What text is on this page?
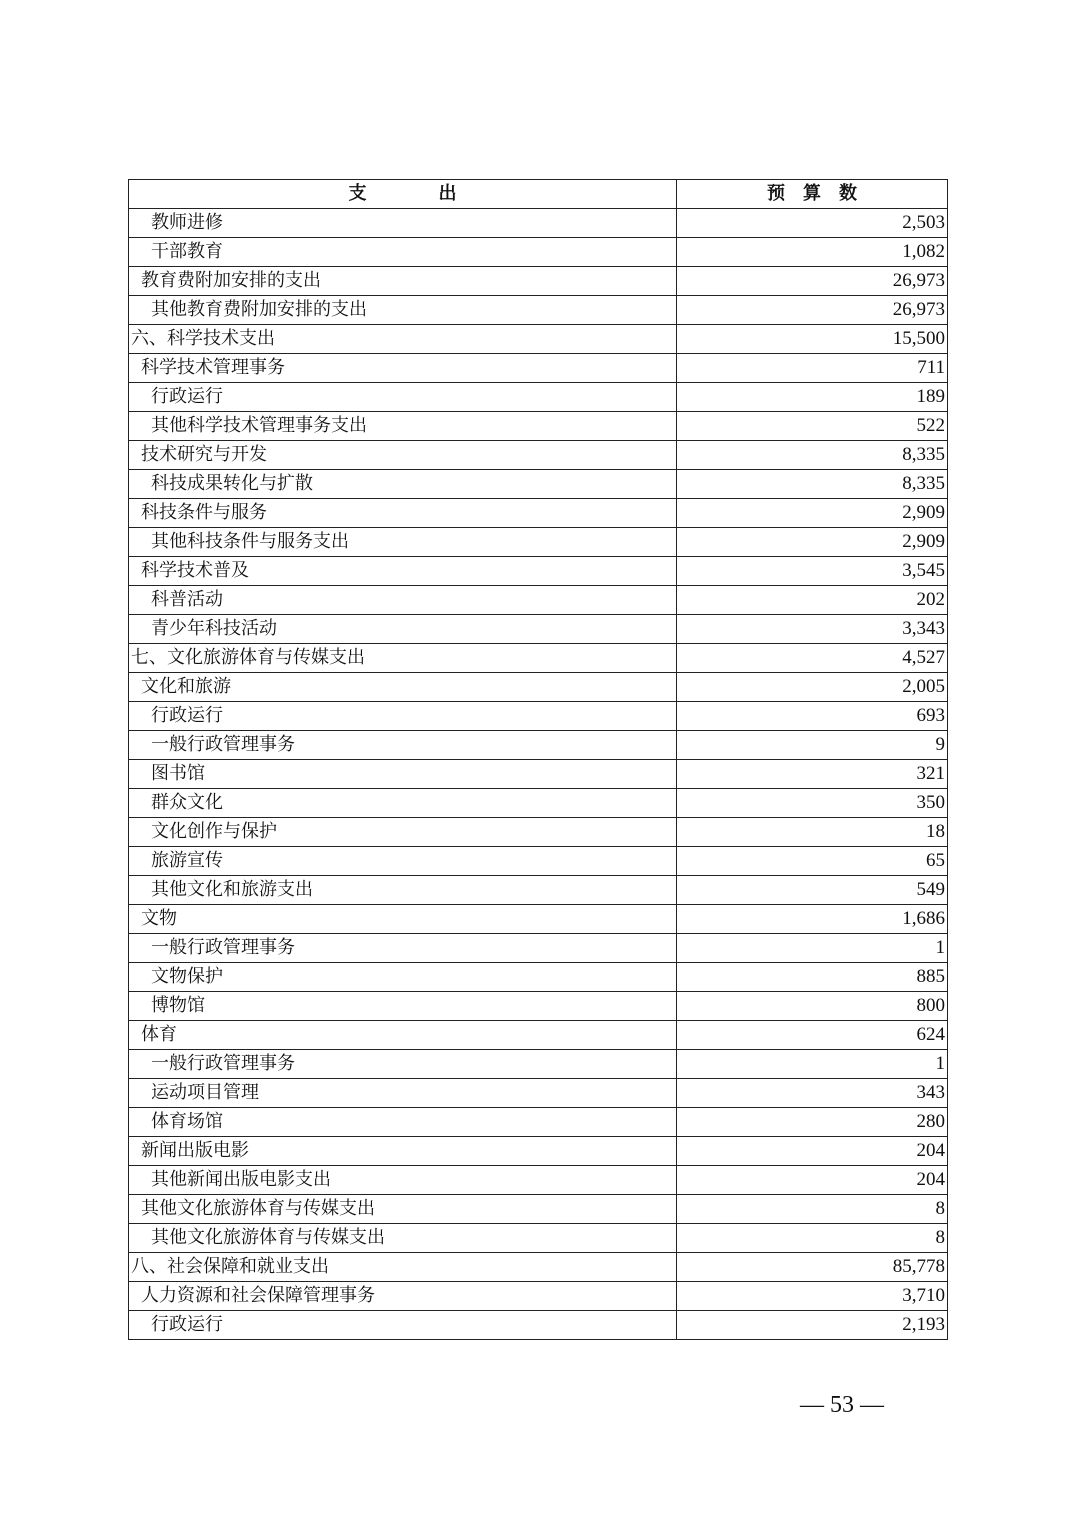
支　　　　出	预　算　数
教师进修	2,503
干部教育	1,082
教育费附加安排的支出	26,973
其他教育费附加安排的支出	26,973
六、科学技术支出	15,500
科学技术管理事务	711
行政运行	189
其他科学技术管理事务支出	522
技术研究与开发	8,335
科技成果转化与扩散	8,335
科技条件与服务	2,909
其他科技条件与服务支出	2,909
科学技术普及	3,545
科普活动	202
青少年科技活动	3,343
七、文化旅游体育与传媒支出	4,527
文化和旅游	2,005
行政运行	693
一般行政管理事务	9
图书馆	321
群众文化	350
文化创作与保护	18
旅游宣传	65
其他文化和旅游支出	549
文物	1,686
一般行政管理事务	1
文物保护	885
博物馆	800
体育	624
一般行政管理事务	1
运动项目管理	343
体育场馆	280
新闻出版电影	204
其他新闻出版电影支出	204
其他文化旅游体育与传媒支出	8
其他文化旅游体育与传媒支出	8
八、社会保障和就业支出	85,778
人力资源和社会保障管理事务	3,710
行政运行	2,193
— 53 —
